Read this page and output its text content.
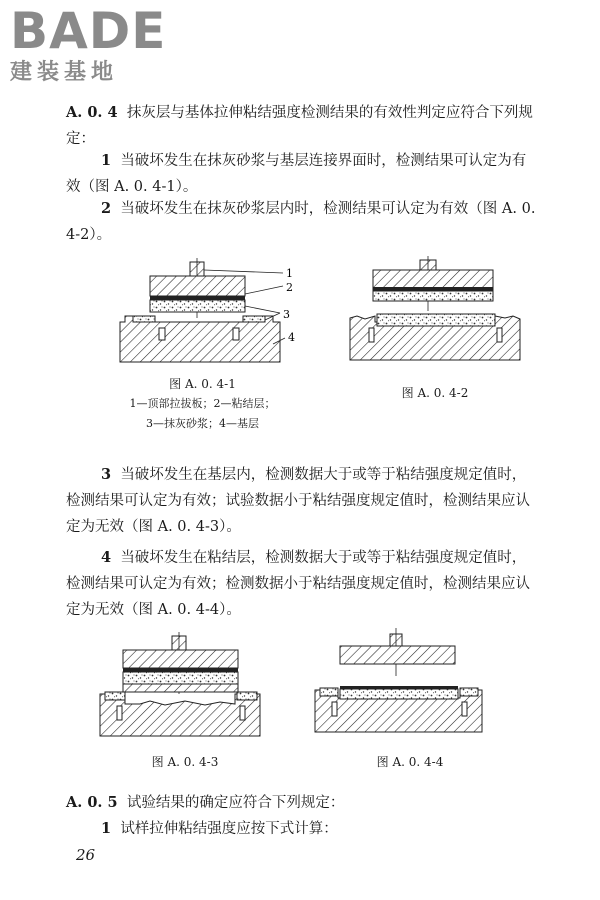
BADE
建装基地
A. 0. 4 抹灰层与基体拉伸粘结强度检测结果的有效性判定应符合下列规定：
1 当破坏发生在抹灰砂浆与基层连接界面时，检测结果可认定为有效（图 A. 0. 4-1）。
2 当破坏发生在抹灰砂浆层内时，检测结果可认定为有效（图 A. 0. 4-2）。
1
2
3
4
图 A. 0. 4-1
1—顶部拉拔板；2—粘结层；
3—抹灰砂浆；4—基层
图 A. 0. 4-2
3 当破坏发生在基层内，检测数据大于或等于粘结强度规定值时，检测结果可认定为有效；试验数据小于粘结强度规定值时，检测结果应认定为无效（图 A. 0. 4-3）。
4 当破坏发生在粘结层，检测数据大于或等于粘结强度规定值时，检测结果可认定为有效；检测数据小于粘结强度规定值时，检测结果应认定为无效（图 A. 0. 4-4）。
图 A. 0. 4-3	图 A. 0. 4-4
A. 0. 5 试验结果的确定应符合下列规定：
1 试样拉伸粘结强度应按下式计算：
26
